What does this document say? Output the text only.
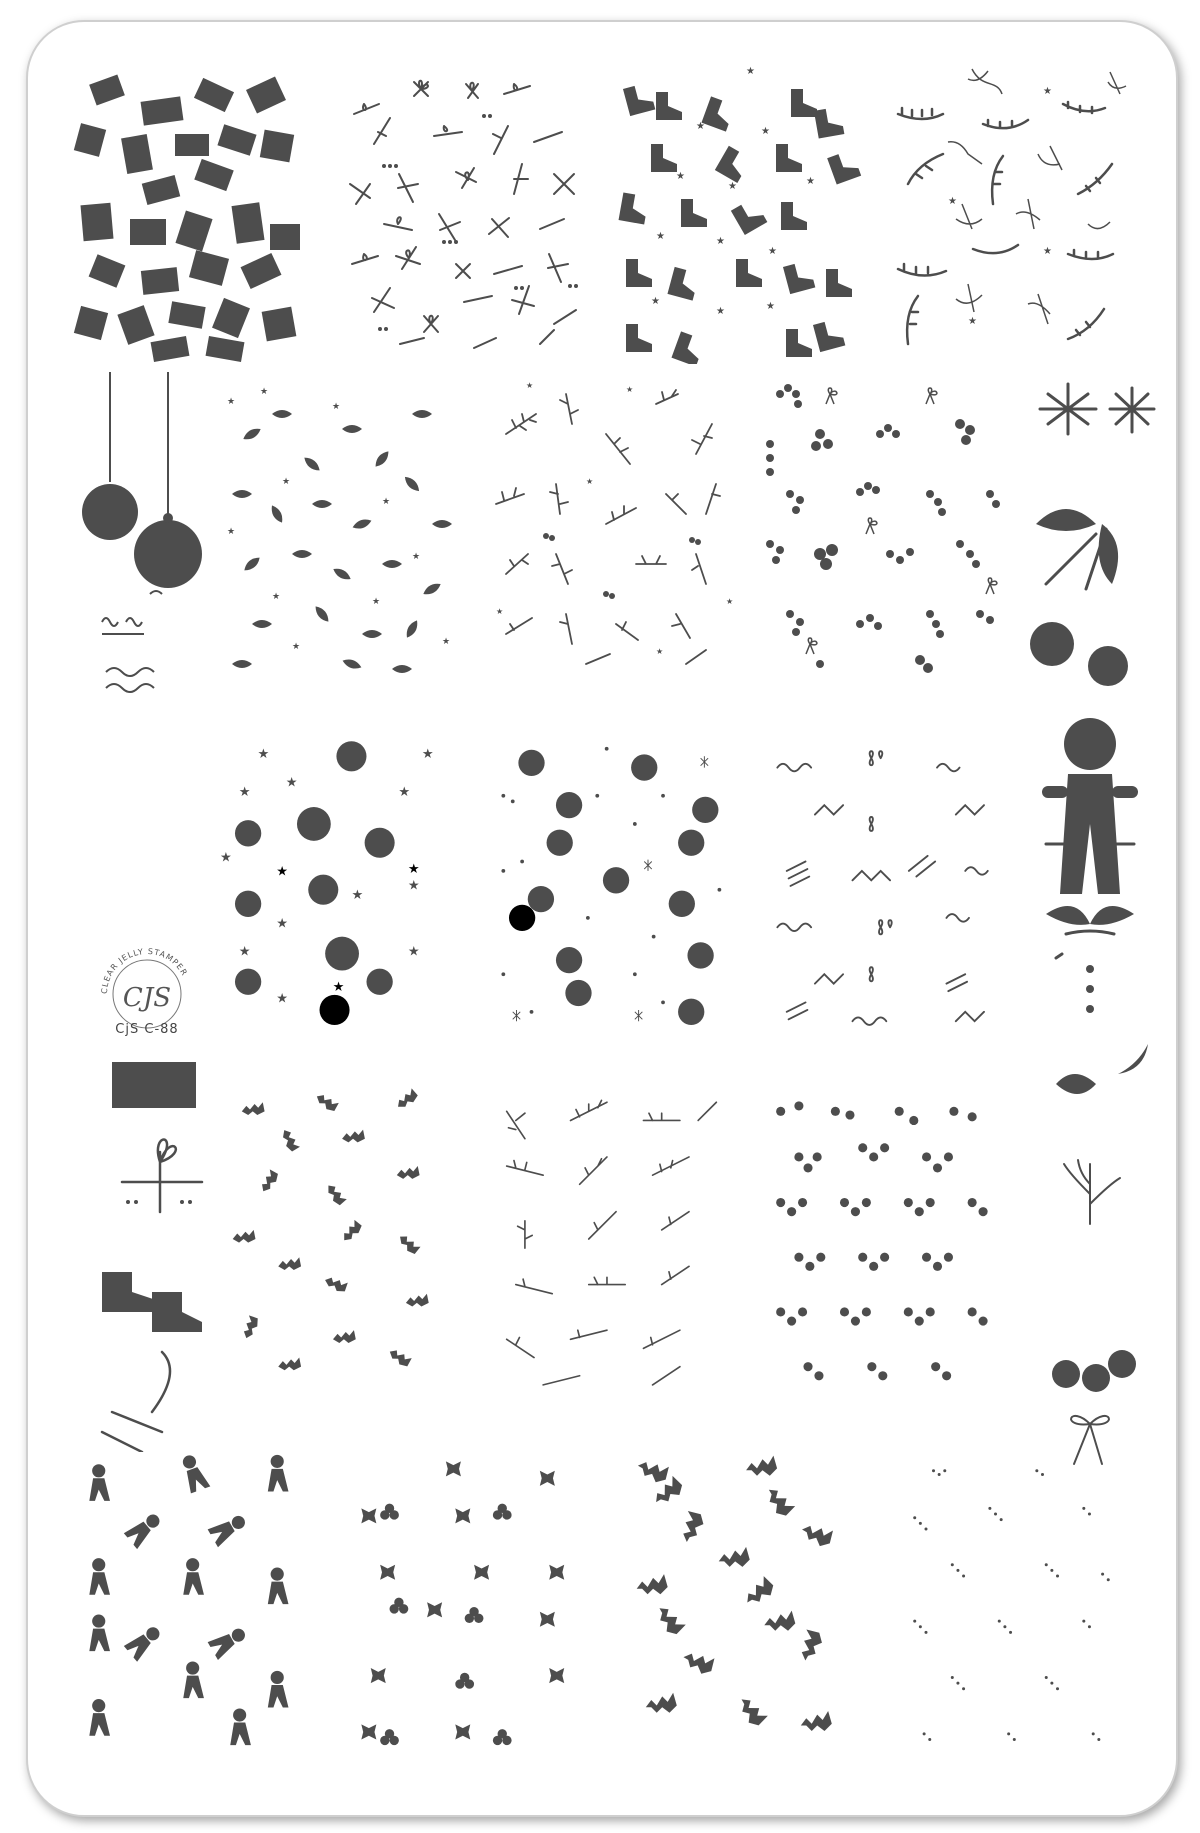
★
★	★
★
★	★
★	★
★
★
★	★
★
★
★
★
★
★
★
★
★
★
★
★	★
★	★
★	★
★
★
★
★
★
★
★	★
★
★
★
★
★	★
★
★
★	★
★
CLEAR JELLY STAMPER
CJS
CjS C-88
